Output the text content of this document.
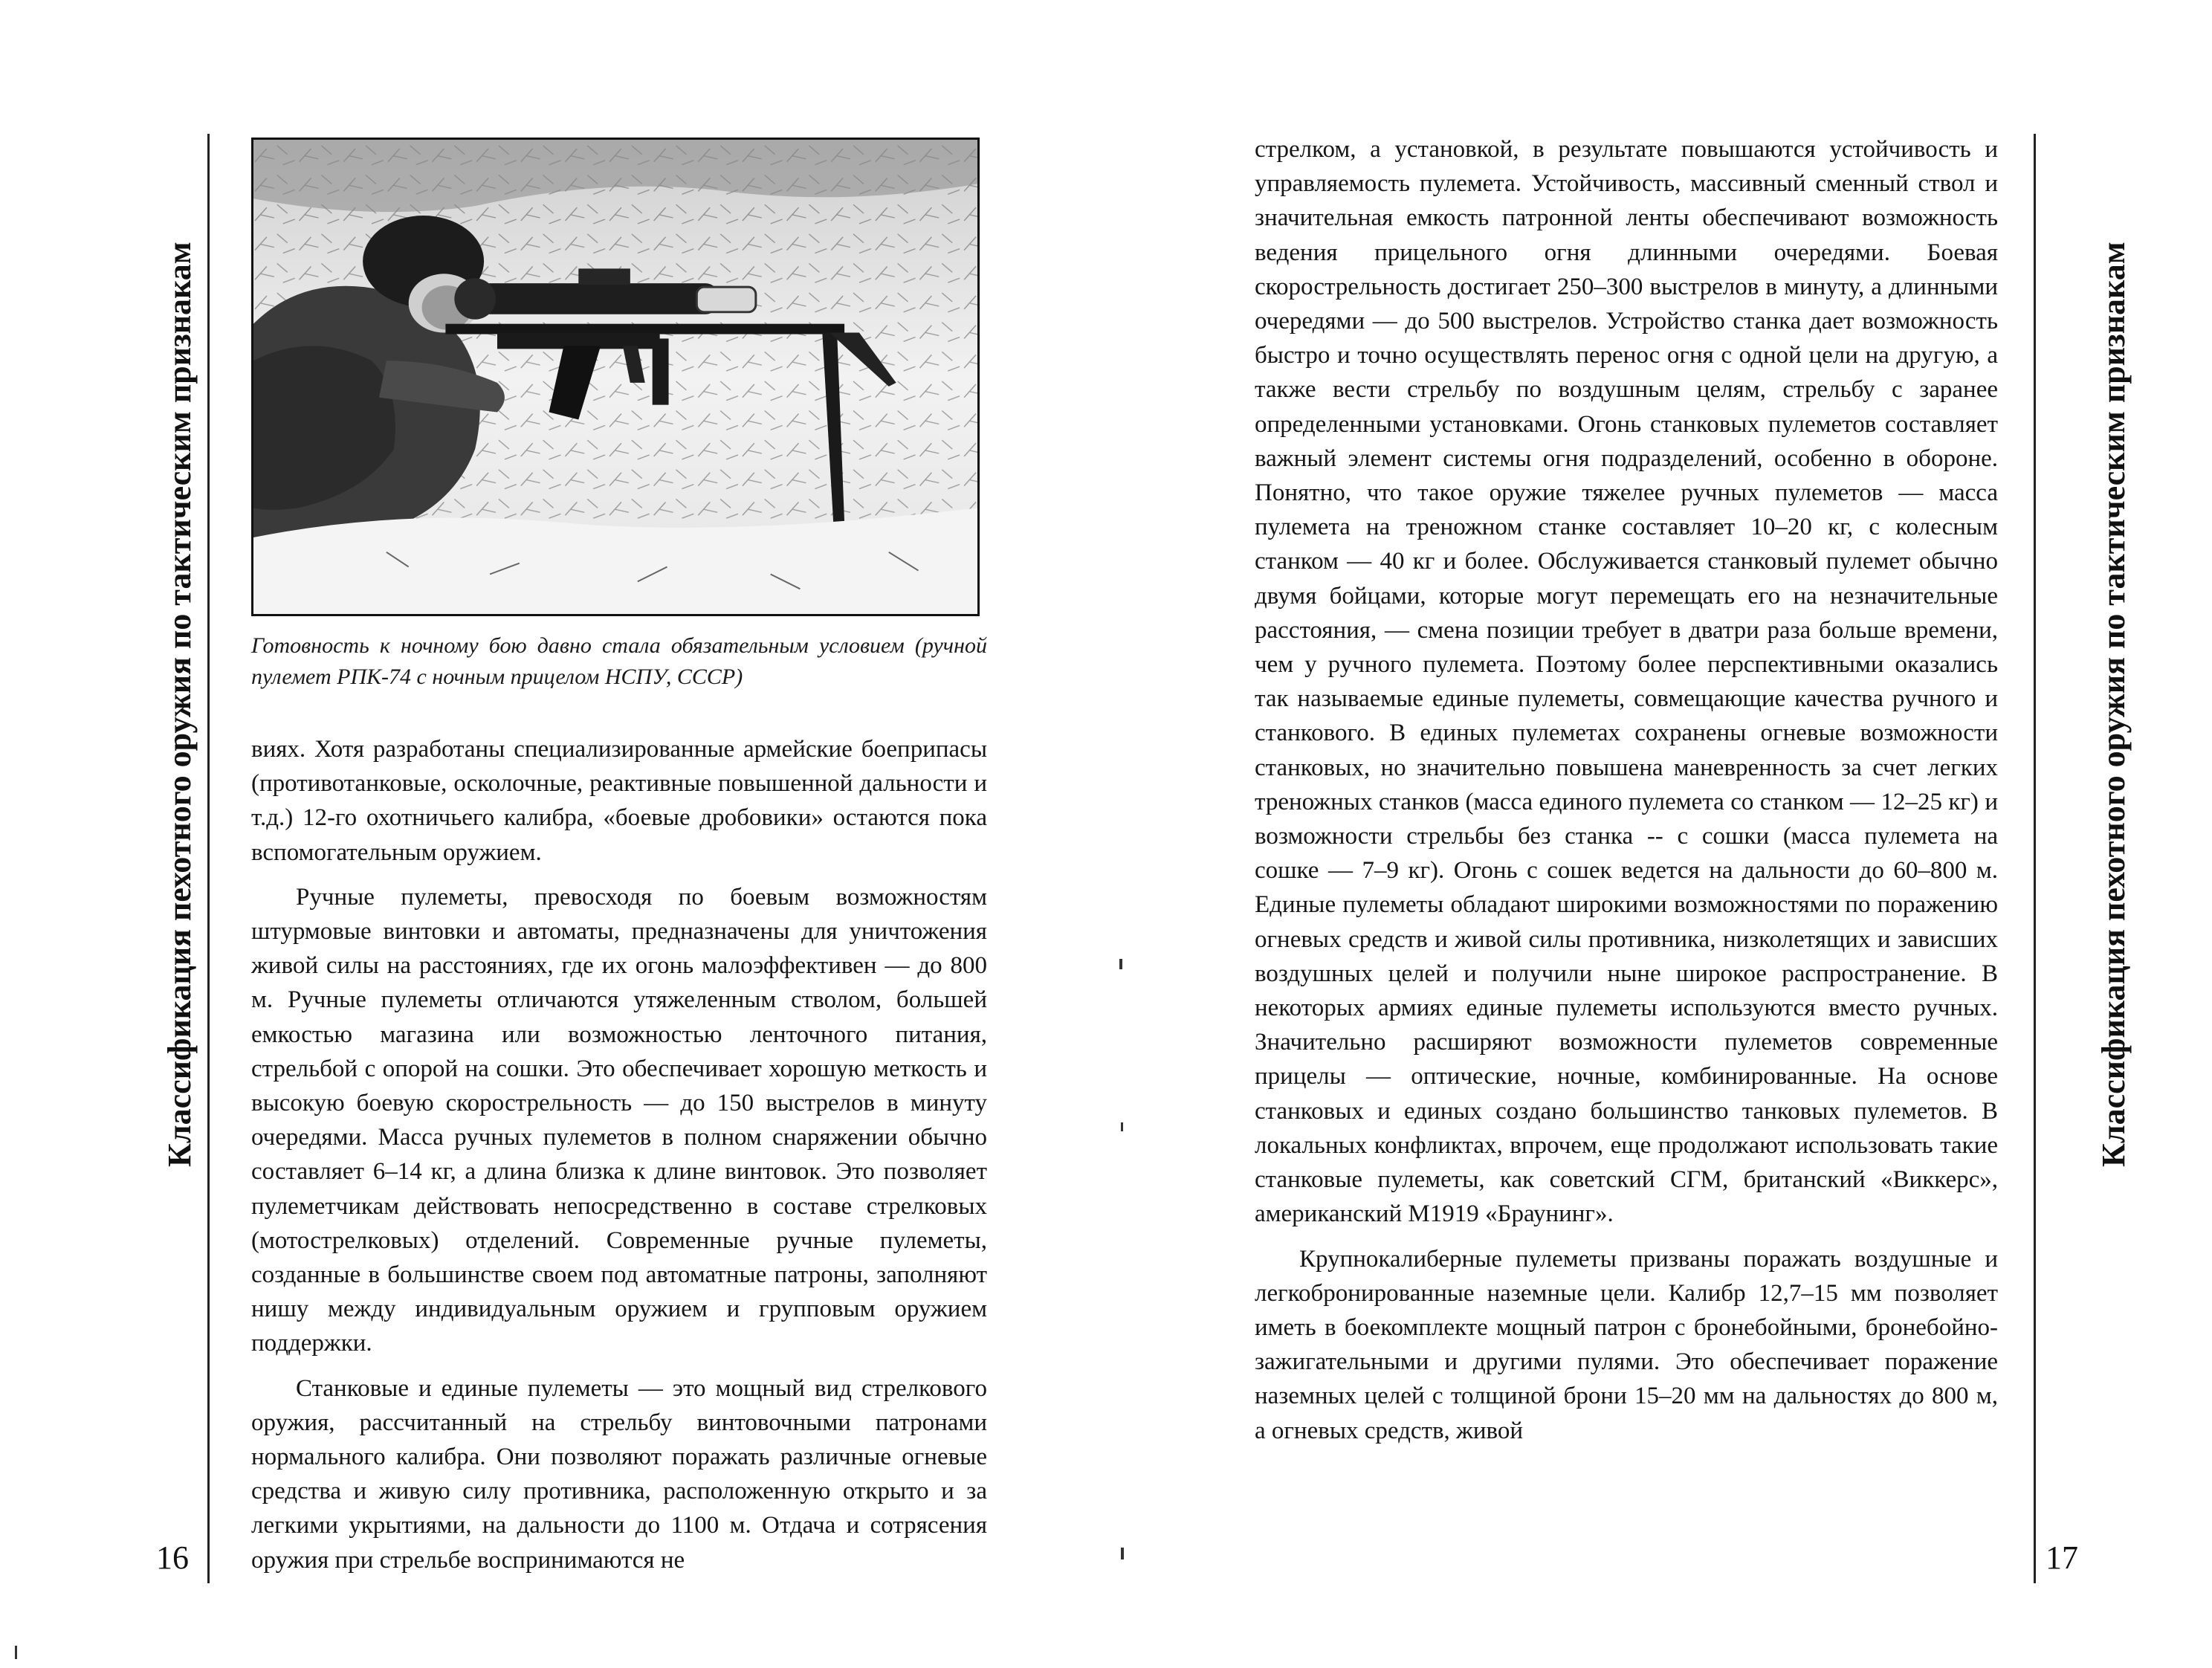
Классификация пехотного оружия по тактическим признакам
16
Готовность к ночному бою давно стала обязательным условием (ручной пулемет РПК-74 с ночным прицелом НСПУ, СССР)

виях. Хотя разработаны специализированные армейские боеприпасы (противотанковые, осколочные, реактивные повышенной дальности и т.д.) 12-го охотничьего калибра, «боевые дробовики» остаются пока вспомогательным оружием.

Ручные пулеметы, превосходя по боевым возможностям штурмовые винтовки и автоматы, предназначены для уничтожения живой силы на расстояниях, где их огонь малоэффективен — до 800 м. Ручные пулеметы отличаются утяжеленным стволом, большей емкостью магазина или возможностью ленточного питания, стрельбой с опорой на сошки. Это обеспечивает хорошую меткость и высокую боевую скорострельность — до 150 выстрелов в минуту очередями. Масса ручных пулеметов в полном снаряжении обычно составляет 6–14 кг, а длина близка к длине винтовок. Это позволяет пулеметчикам действовать непосредственно в составе стрелковых (мотострелковых) отделений. Современные ручные пулеметы, созданные в большинстве своем под автоматные патроны, заполняют нишу между индивидуальным оружием и групповым оружием поддержки.

Станковые и единые пулеметы — это мощный вид стрелкового оружия, рассчитанный на стрельбу винтовочными патронами нормального калибра. Они позволяют поражать различные огневые средства и живую силу противника, расположенную открыто и за легкими укрытиями, на дальности до 1100 м. Отдача и сотрясения оружия при стрельбе воспринимаются не

стрелком, а установкой, в результате повышаются устойчивость и управляемость пулемета. Устойчивость, массивный сменный ствол и значительная емкость патронной ленты обеспечивают возможность ведения прицельного огня длинными очередями. Боевая скорострельность достигает 250–300 выстрелов в минуту, а длинными очередями — до 500 выстрелов. Устройство станка дает возможность быстро и точно осуществлять перенос огня с одной цели на другую, а также вести стрельбу по воздушным целям, стрельбу с заранее определенными установками. Огонь станковых пулеметов составляет важный элемент системы огня подразделений, особенно в обороне. Понятно, что такое оружие тяжелее ручных пулеметов — масса пулемета на треножном станке составляет 10–20 кг, с колесным станком — 40 кг и более. Обслуживается станковый пулемет обычно двумя бойцами, которые могут перемещать его на незначительные расстояния, — смена позиции требует в дватри раза больше времени, чем у ручного пулемета. Поэтому более перспективными оказались так называемые единые пулеметы, совмещающие качества ручного и станкового. В единых пулеметах сохранены огневые возможности станковых, но значительно повышена маневренность за счет легких треножных станков (масса единого пулемета со станком — 12–25 кг) и возможности стрельбы без станка -- с сошки (масса пулемета на сошке — 7–9 кг). Огонь с сошек ведется на дальности до 60–800 м. Единые пулеметы обладают широкими возможностями по поражению огневых средств и живой силы противника, низколетящих и зависших воздушных целей и получили ныне широкое распространение. В некоторых армиях единые пулеметы используются вместо ручных. Значительно расширяют возможности пулеметов современные прицелы — оптические, ночные, комбинированные. На основе станковых и единых создано большинство танковых пулеметов. В локальных конфликтах, впрочем, еще продолжают использовать такие станковые пулеметы, как советский СГМ, британский «Виккерс», американский М1919 «Браунинг».

Крупнокалиберные пулеметы призваны поражать воздушные и легкобронированные наземные цели. Калибр 12,7–15 мм позволяет иметь в боекомплекте мощный патрон с бронебойными, бронебойно-зажигательными и другими пулями. Это обеспечивает поражение наземных целей с толщиной брони 15–20 мм на дальностях до 800 м, а огневых средств, живой

Классификация пехотного оружия по тактическим признакам
17
